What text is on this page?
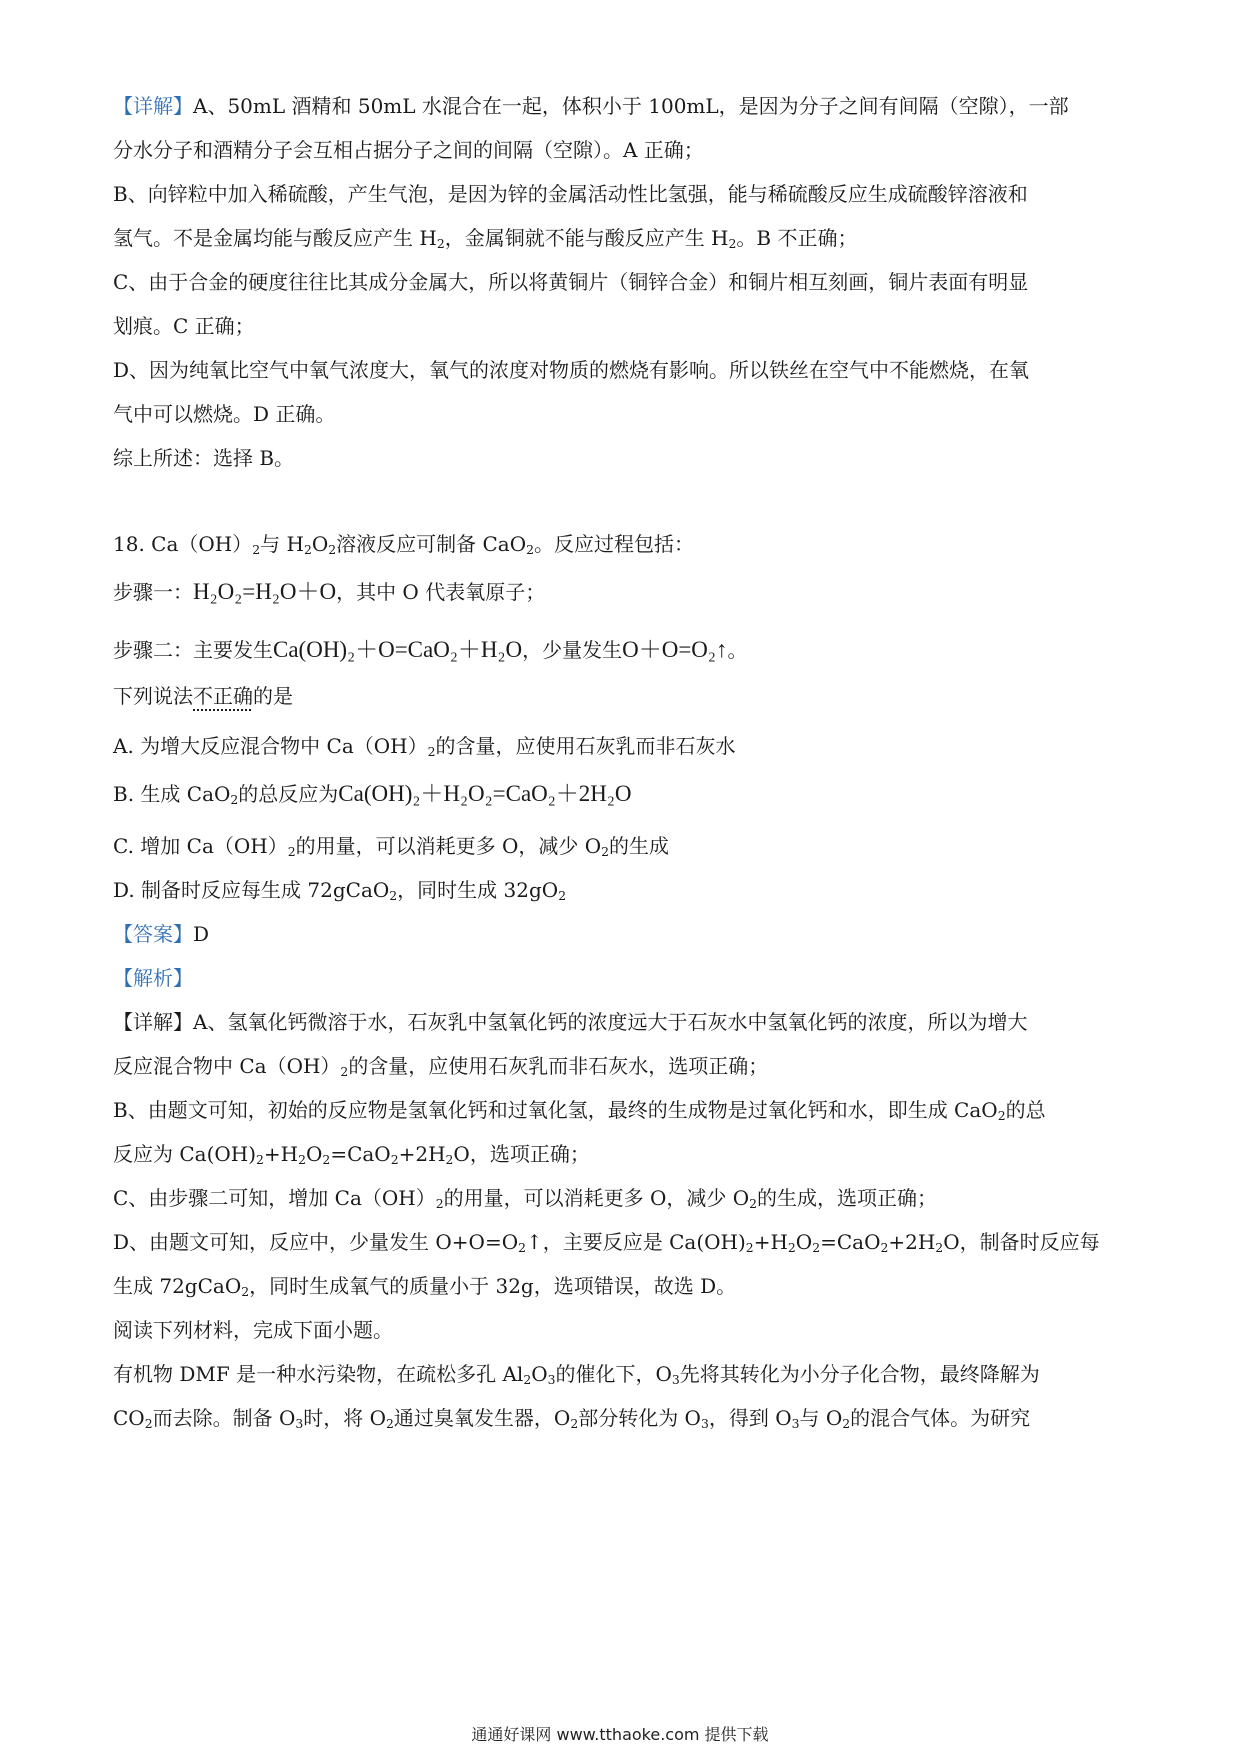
【详解】A、50mL 酒精和 50mL 水混合在一起，体积小于 100mL，是因为分子之间有间隔（空隙），一部
分水分子和酒精分子会互相占据分子之间的间隔（空隙）。A 正确；
B、向锌粒中加入稀硫酸，产生气泡，是因为锌的金属活动性比氢强，能与稀硫酸反应生成硫酸锌溶液和
氢气。不是金属均能与酸反应产生 $H_2$，金属铜就不能与酸反应产生 $H_2$。B 不正确；
C、由于合金的硬度往往比其成分金属大，所以将黄铜片（铜锌合金）和铜片相互刻画，铜片表面有明显
划痕。C 正确；
D、因为纯氧比空气中氧气浓度大，氧气的浓度对物质的燃烧有影响。所以铁丝在空气中不能燃烧，在氧
气中可以燃烧。D 正确。
综上所述：选择 B。
18. $Ca(OH)_2$与 $H_2O_2$溶液反应可制备 CaO$_2$。反应过程包括：
步骤一：H₂O₂=H₂O＋O，其中 O 代表氧原子；
步骤二：主要发生Ca(OH)₂＋O=CaO₂＋H₂O，少量发生O＋O=O₂↑。
下列说法不正确的是
A. 为增大反应混合物中 $Ca(OH)_2$的含量，应使用石灰乳而非石灰水
B. 生成 CaO$_2$的总反应为Ca(OH)₂＋H₂O₂=CaO₂＋2H₂O
C. 增加 $Ca(OH)_2$的用量，可以消耗更多 O，减少 $O_2$的生成
D. 制备时反应每生成 72gCaO$_2$，同时生成 $32gO_2$
【答案】D
【解析】
【详解】A、氢氧化钙微溶于水，石灰乳中氢氧化钙的浓度远大于石灰水中氢氧化钙的浓度，所以为增大
反应混合物中 $Ca(OH)_2$的含量，应使用石灰乳而非石灰水，选项正确；
B、由题文可知，初始的反应物是氢氧化钙和过氧化氢，最终的生成物是过氧化钙和水，即生成 CaO$_2$的总
反应为 $Ca(OH)_2+H_2O_2=CaO_2+2H_2O$，选项正确；
C、由步骤二可知，增加 $Ca(OH)_2$的用量，可以消耗更多 O，减少 $O_2$的生成，选项正确；
D、由题文可知，反应中，少量发生 $O+O=O_2↑$，主要反应是 $Ca(OH)_2+H_2O_2=CaO_2+2H_2O$，制备时反应每
生成 72gCaO$_2$，同时生成氧气的质量小于 32g，选项错误，故选 D。
阅读下列材料，完成下面小题。
有机物 DMF 是一种水污染物，在疏松多孔 $Al_2O_3$的催化下，$O_3$先将其转化为小分子化合物，最终降解为
$CO_2$而去除。制备 $O_3$时，将 $O_2$通过臭氧发生器，$O_2$部分转化为 $O_3$，得到 $O_3$与 $O_2$的混合气体。为研究
通通好课网 www.tthaoke.com 提供下载
